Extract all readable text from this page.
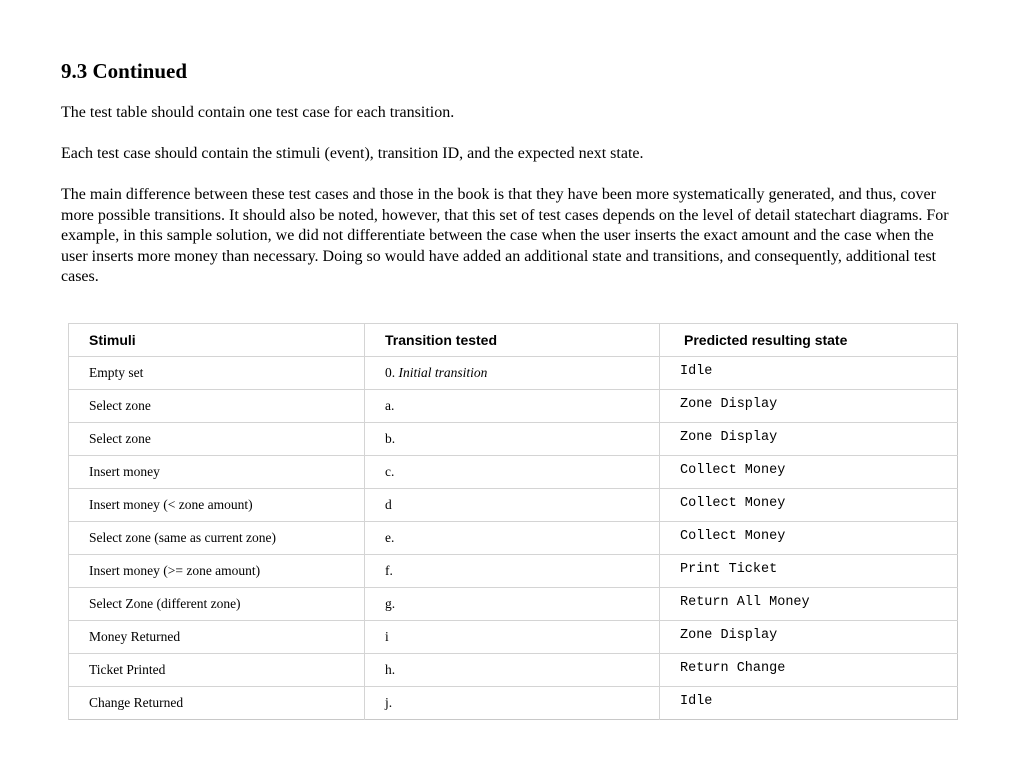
9.3 Continued

The test table should contain one test case for each transition.

Each test case should contain the stimuli (event), transition ID, and the expected next state.

The main difference between these test cases and those in the book is that they have been more systematically generated, and thus, cover more possible transitions. It should also be noted, however, that this set of test cases depends on the level of detail statechart diagrams. For example, in this sample solution, we did not differentiate between the case when the user inserts the exact amount and the case when the user inserts more money than necessary. Doing so would have added an additional state and transitions, and consequently, additional test cases.

Stimuli	Transition tested	Predicted resulting state
Empty set	0. Initial transition	Idle
Select zone	a.	Zone Display
Select zone	b.	Zone Display
Insert money	c.	Collect Money
Insert money (< zone amount)	d	Collect Money
Select zone (same as current zone)	e.	Collect Money
Insert money (>= zone amount)	f.	Print Ticket
Select Zone (different zone)	g.	Return All Money
Money Returned	i	Zone Display
Ticket Printed	h.	Return Change
Change Returned	j.	Idle
